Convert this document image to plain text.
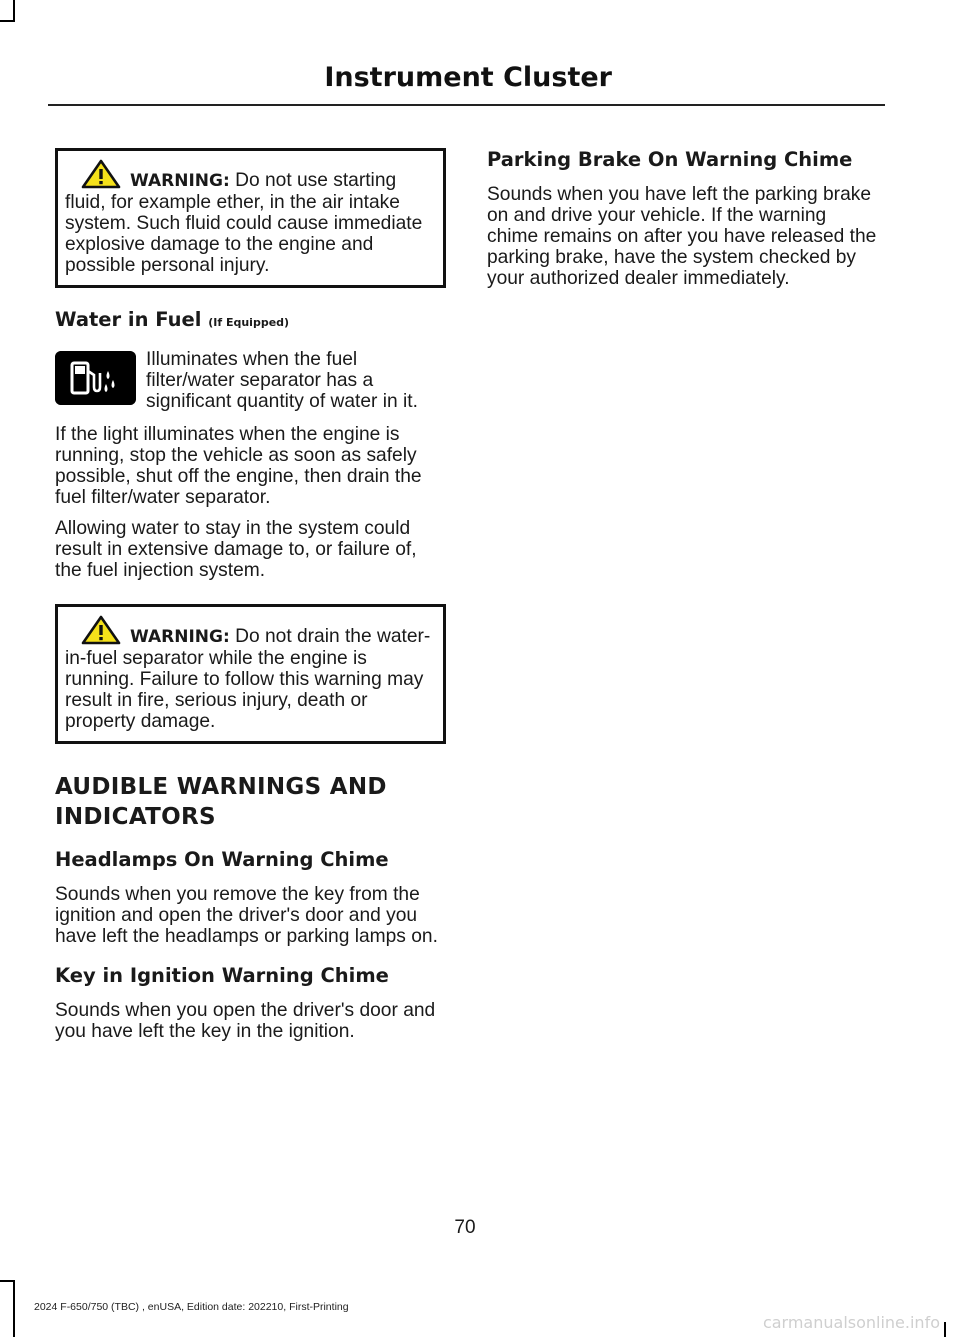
Instrument Cluster
WARNING: Do not use starting fluid, for example ether, in the air intake system. Such fluid could cause immediate explosive damage to the engine and possible personal injury.
Water in Fuel (If Equipped)

Illuminates when the fuel filter/water separator has a significant quantity of water in it.

If the light illuminates when the engine is running, stop the vehicle as soon as safely possible, shut off the engine, then drain the fuel filter/water separator.

Allowing water to stay in the system could result in extensive damage to, or failure of, the fuel injection system.

WARNING: Do not drain the water-in-fuel separator while the engine is running. Failure to follow this warning may result in fire, serious injury, death or property damage.
AUDIBLE WARNINGS AND INDICATORS
Headlamps On Warning Chime

Sounds when you remove the key from the ignition and open the driver's door and you have left the headlamps or parking lamps on.

Key in Ignition Warning Chime

Sounds when you open the driver's door and you have left the key in the ignition.

Parking Brake On Warning Chime

Sounds when you have left the parking brake on and drive your vehicle. If the warning chime remains on after you have released the parking brake, have the system checked by your authorized dealer immediately.

70
2024 F-650/750 (TBC) , enUSA, Edition date: 202210, First-Printing
carmanualsonline.info
